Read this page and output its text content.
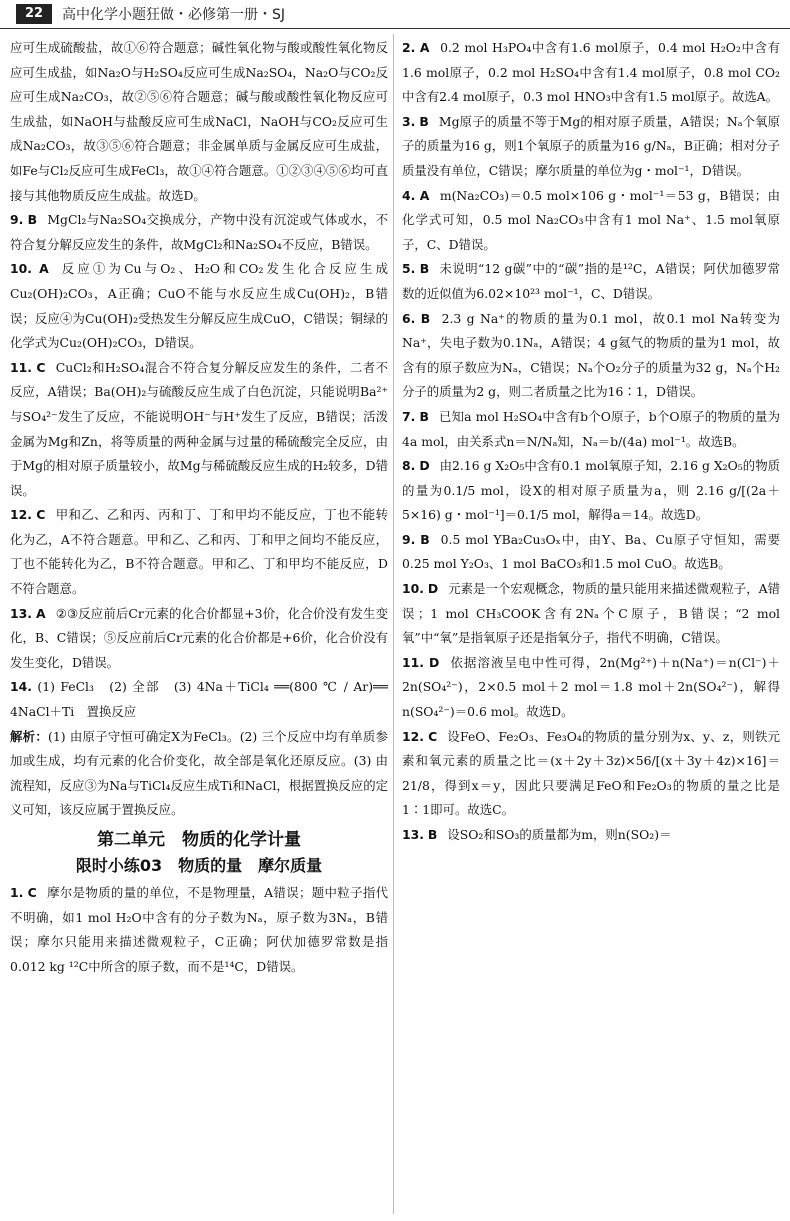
22	高中化学小题狂做・必修第一册・SJ

应可生成硫酸盐，故①⑥符合题意；碱性氧化物与酸或酸性氧化物反应可生成盐，如Na₂O与H₂SO₄反应可生成Na₂SO₄，Na₂O与CO₂反应可生成Na₂CO₃，故②⑤⑥符合题意；碱与酸或酸性氧化物反应可生成盐，如NaOH与盐酸反应可生成NaCl，NaOH与CO₂反应可生成Na₂CO₃，故③⑤⑥符合题意；非金属单质与金属反应可生成盐，如Fe与Cl₂反应可生成FeCl₃，故①④符合题意。①②③④⑤⑥均可直接与其他物质反应生成盐。故选D。

9. B MgCl₂与Na₂SO₄交换成分，产物中没有沉淀或气体或水，不符合复分解反应发生的条件，故MgCl₂和Na₂SO₄不反应，B错误。

10. A 反应①为Cu与O₂、H₂O和CO₂发生化合反应生成Cu₂(OH)₂CO₃，A正确；CuO不能与水反应生成Cu(OH)₂，B错误；反应④为Cu(OH)₂受热发生分解反应生成CuO，C错误；铜绿的化学式为Cu₂(OH)₂CO₃，D错误。

11. C CuCl₂和H₂SO₄混合不符合复分解反应发生的条件，二者不反应，A错误；Ba(OH)₂与硫酸反应生成了白色沉淀，只能说明Ba²⁺与SO₄²⁻发生了反应，不能说明OH⁻与H⁺发生了反应，B错误；活泼金属为Mg和Zn，将等质量的两种金属与过量的稀硫酸完全反应，由于Mg的相对原子质量较小，故Mg与稀硫酸反应生成的H₂较多，D错误。

12. C 甲和乙、乙和丙、丙和丁、丁和甲均不能反应，丁也不能转化为乙，A不符合题意。甲和乙、乙和丙、丁和甲之间均不能反应，丁也不能转化为乙，B不符合题意。甲和乙、丁和甲均不能反应，D不符合题意。

13. A ②③反应前后Cr元素的化合价都显+3价，化合价没有发生变化，B、C错误；⑤反应前后Cr元素的化合价都是+6价，化合价没有发生变化，D错误。

14. (1) FeCl₃　(2) 全部　(3) 4Na＋TiCl₄ ══(800 ℃ / Ar)══ 4NaCl＋Ti　置换反应

解析：(1) 由原子守恒可确定X为FeCl₃。(2) 三个反应中均有单质参加或生成，均有元素的化合价变化，故全部是氧化还原反应。(3) 由流程知，反应③为Na与TiCl₄反应生成Ti和NaCl，根据置换反应的定义可知，该反应属于置换反应。

第二单元　物质的化学计量
限时小练03　物质的量　摩尔质量

1. C 摩尔是物质的量的单位，不是物理量，A错误；题中粒子指代不明确，如1 mol H₂O中含有的分子数为Nₐ，原子数为3Nₐ，B错误；摩尔只能用来描述微观粒子，C正确；阿伏加德罗常数是指0.012 kg ¹²C中所含的原子数，而不是¹⁴C，D错误。

2. A 0.2 mol H₃PO₄中含有1.6 mol原子，0.4 mol H₂O₂中含有1.6 mol原子，0.2 mol H₂SO₄中含有1.4 mol原子，0.8 mol CO₂中含有2.4 mol原子，0.3 mol HNO₃中含有1.5 mol原子。故选A。

3. B Mg原子的质量不等于Mg的相对原子质量，A错误；Nₐ个氧原子的质量为16 g，则1个氧原子的质量为16 g/Nₐ，B正确；相对分子质量没有单位，C错误；摩尔质量的单位为g・mol⁻¹，D错误。

4. A m(Na₂CO₃)＝0.5 mol×106 g・mol⁻¹＝53 g，B错误；由化学式可知，0.5 mol Na₂CO₃中含有1 mol Na⁺、1.5 mol氧原子，C、D错误。

5. B 未说明“12 g碳”中的“碳”指的是¹²C，A错误；阿伏加德罗常数的近似值为6.02×10²³ mol⁻¹，C、D错误。

6. B 2.3 g Na⁺的物质的量为0.1 mol，故0.1 mol Na转变为Na⁺，失电子数为0.1Nₐ，A错误；4 g氦气的物质的量为1 mol，故含有的原子数应为Nₐ，C错误；Nₐ个O₂分子的质量为32 g，Nₐ个H₂分子的质量为2 g，则二者质量之比为16∶1，D错误。

7. B 已知a mol H₂SO₄中含有b个O原子，b个O原子的物质的量为4a mol，由关系式n＝N/Nₐ知，Nₐ＝b/(4a) mol⁻¹。故选B。

8. D 由2.16 g X₂O₅中含有0.1 mol氧原子知，2.16 g X₂O₅的物质的量为0.1/5 mol，设X的相对原子质量为a，则 2.16 g/[(2a＋5×16) g・mol⁻¹]＝0.1/5 mol，解得a＝14。故选D。

9. B 0.5 mol YBa₂Cu₃Oₓ中，由Y、Ba、Cu原子守恒知，需要0.25 mol Y₂O₃、1 mol BaCO₃和1.5 mol CuO。故选B。

10. D 元素是一个宏观概念，物质的量只能用来描述微观粒子，A错误；1 mol CH₃COOK含有2Nₐ个C原子，B错误；“2 mol氧”中“氧”是指氧原子还是指氧分子，指代不明确，C错误。

11. D 依据溶液呈电中性可得，2n(Mg²⁺)＋n(Na⁺)＝n(Cl⁻)＋2n(SO₄²⁻)，2×0.5 mol＋2 mol＝1.8 mol＋2n(SO₄²⁻)，解得n(SO₄²⁻)＝0.6 mol。故选D。

12. C 设FeO、Fe₂O₃、Fe₃O₄的物质的量分别为x、y、z，则铁元素和氧元素的质量之比＝(x＋2y＋3z)×56/[(x＋3y＋4z)×16]＝21/8，得到x＝y，因此只要满足FeO和Fe₂O₃的物质的量之比是1∶1即可。故选C。

13. B 设SO₂和SO₃的质量都为m，则n(SO₂)＝
